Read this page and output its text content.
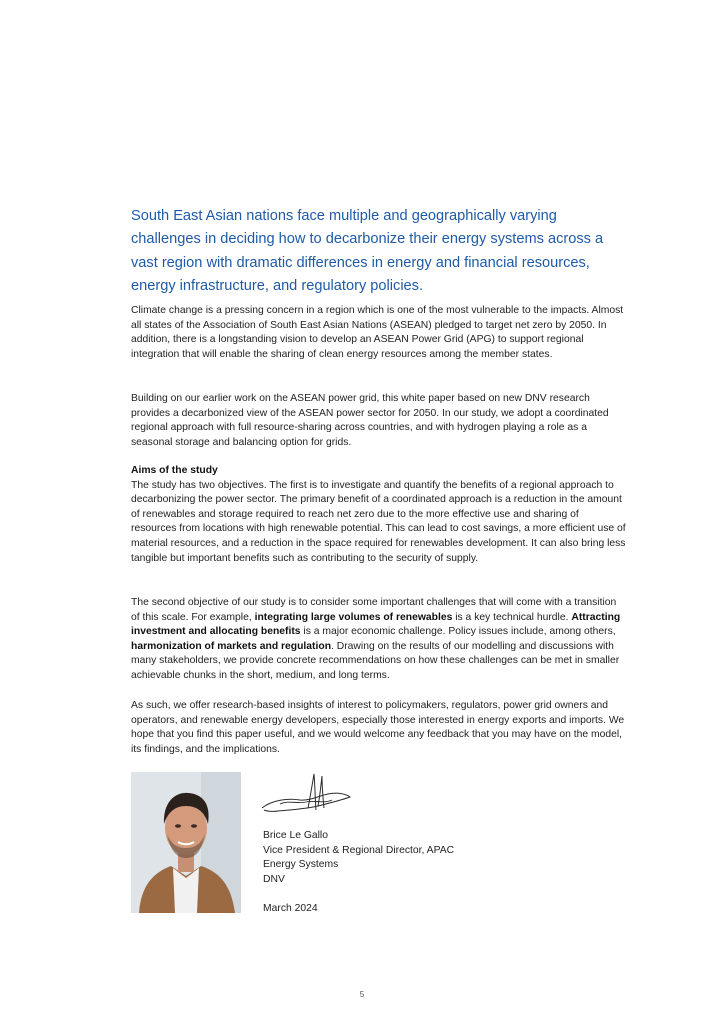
South East Asian nations face multiple and geographically varying challenges in deciding how to decarbonize their energy systems across a vast region with dramatic differences in energy and financial resources, energy infrastructure, and regulatory policies.
Climate change is a pressing concern in a region which is one of the most vulnerable to the impacts. Almost all states of the Association of South East Asian Nations (ASEAN) pledged to target net zero by 2050. In addition, there is a longstanding vision to develop an ASEAN Power Grid (APG) to support regional integration that will enable the sharing of clean energy resources among the member states.
Building on our earlier work on the ASEAN power grid, this white paper based on new DNV research provides a decarbonized view of the ASEAN power sector for 2050. In our study, we adopt a coordinated regional approach with full resource-sharing across countries, and with hydrogen playing a role as a seasonal storage and balancing option for grids.
Aims of the study
The study has two objectives. The first is to investigate and quantify the benefits of a regional approach to decarbonizing the power sector. The primary benefit of a coordinated approach is a reduction in the amount of renewables and storage required to reach net zero due to the more effective use and sharing of resources from locations with high renewable potential. This can lead to cost savings, a more efficient use of material resources, and a reduction in the space required for renewables development. It can also bring less tangible but important benefits such as contributing to the security of supply.
The second objective of our study is to consider some important challenges that will come with a transition of this scale. For example, integrating large volumes of renewables is a key technical hurdle. Attracting investment and allocating benefits is a major economic challenge. Policy issues include, among others, harmonization of markets and regulation. Drawing on the results of our modelling and discussions with many stakeholders, we provide concrete recommendations on how these challenges can be met in smaller achievable chunks in the short, medium, and long terms.
As such, we offer research-based insights of interest to policymakers, regulators, power grid owners and operators, and renewable energy developers, especially those interested in energy exports and imports. We hope that you find this paper useful, and we would welcome any feedback that you may have on the model, its findings, and the implications.
Brice Le Gallo
Vice President & Regional Director, APAC
Energy Systems
DNV
March 2024
5
